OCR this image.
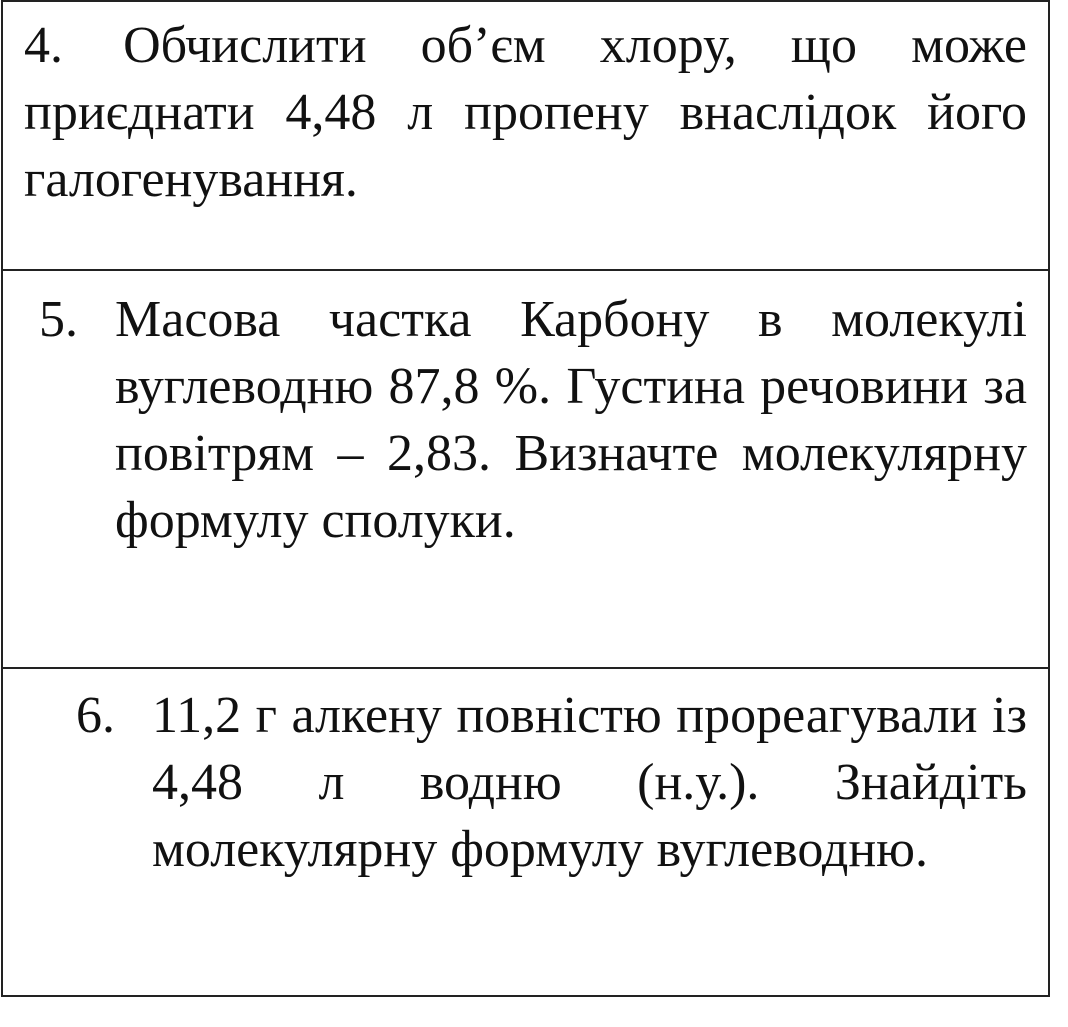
4. Обчислити об’єм хлору, що може приєднати 4,48 л пропену внаслідок його галогенування.
5. Масова частка Карбону в молекулі вуглеводню 87,8 %. Густина речовини за повітрям – 2,83. Визначте молекулярну формулу сполуки.
6. 11,2 г алкену повністю прореагували із 4,48 л водню (н.у.). Знайдіть молекулярну формулу вуглеводню.
